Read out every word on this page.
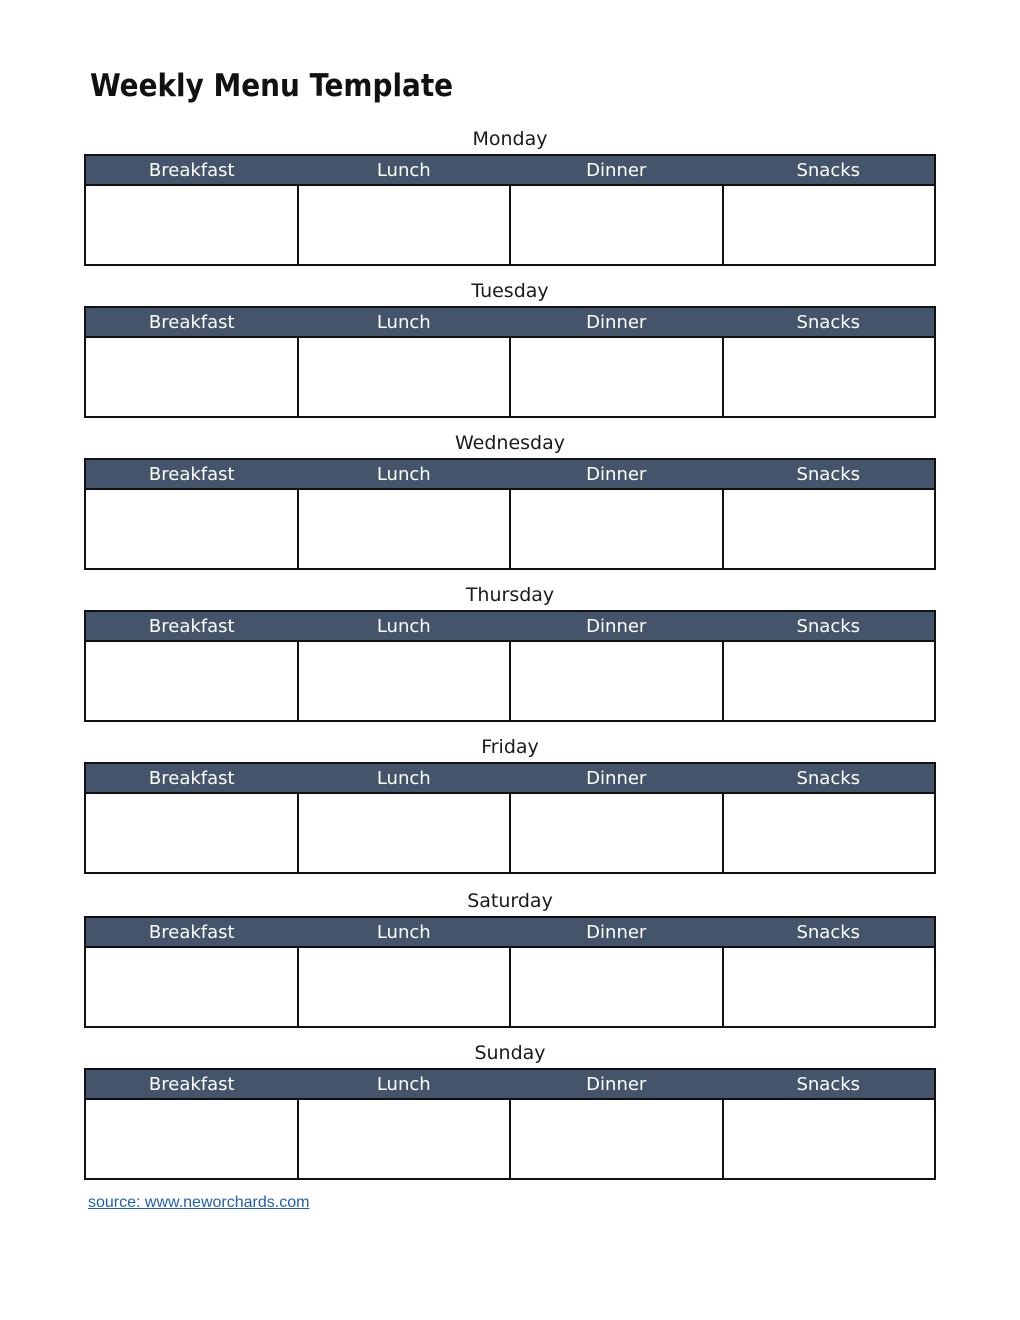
Weekly Menu Template
Monday
Breakfast	Lunch	Dinner	Snacks

Tuesday
Breakfast	Lunch	Dinner	Snacks

Wednesday
Breakfast	Lunch	Dinner	Snacks

Thursday
Breakfast	Lunch	Dinner	Snacks

Friday
Breakfast	Lunch	Dinner	Snacks

Saturday
Breakfast	Lunch	Dinner	Snacks

Sunday
Breakfast	Lunch	Dinner	Snacks

source: www.neworchards.com
